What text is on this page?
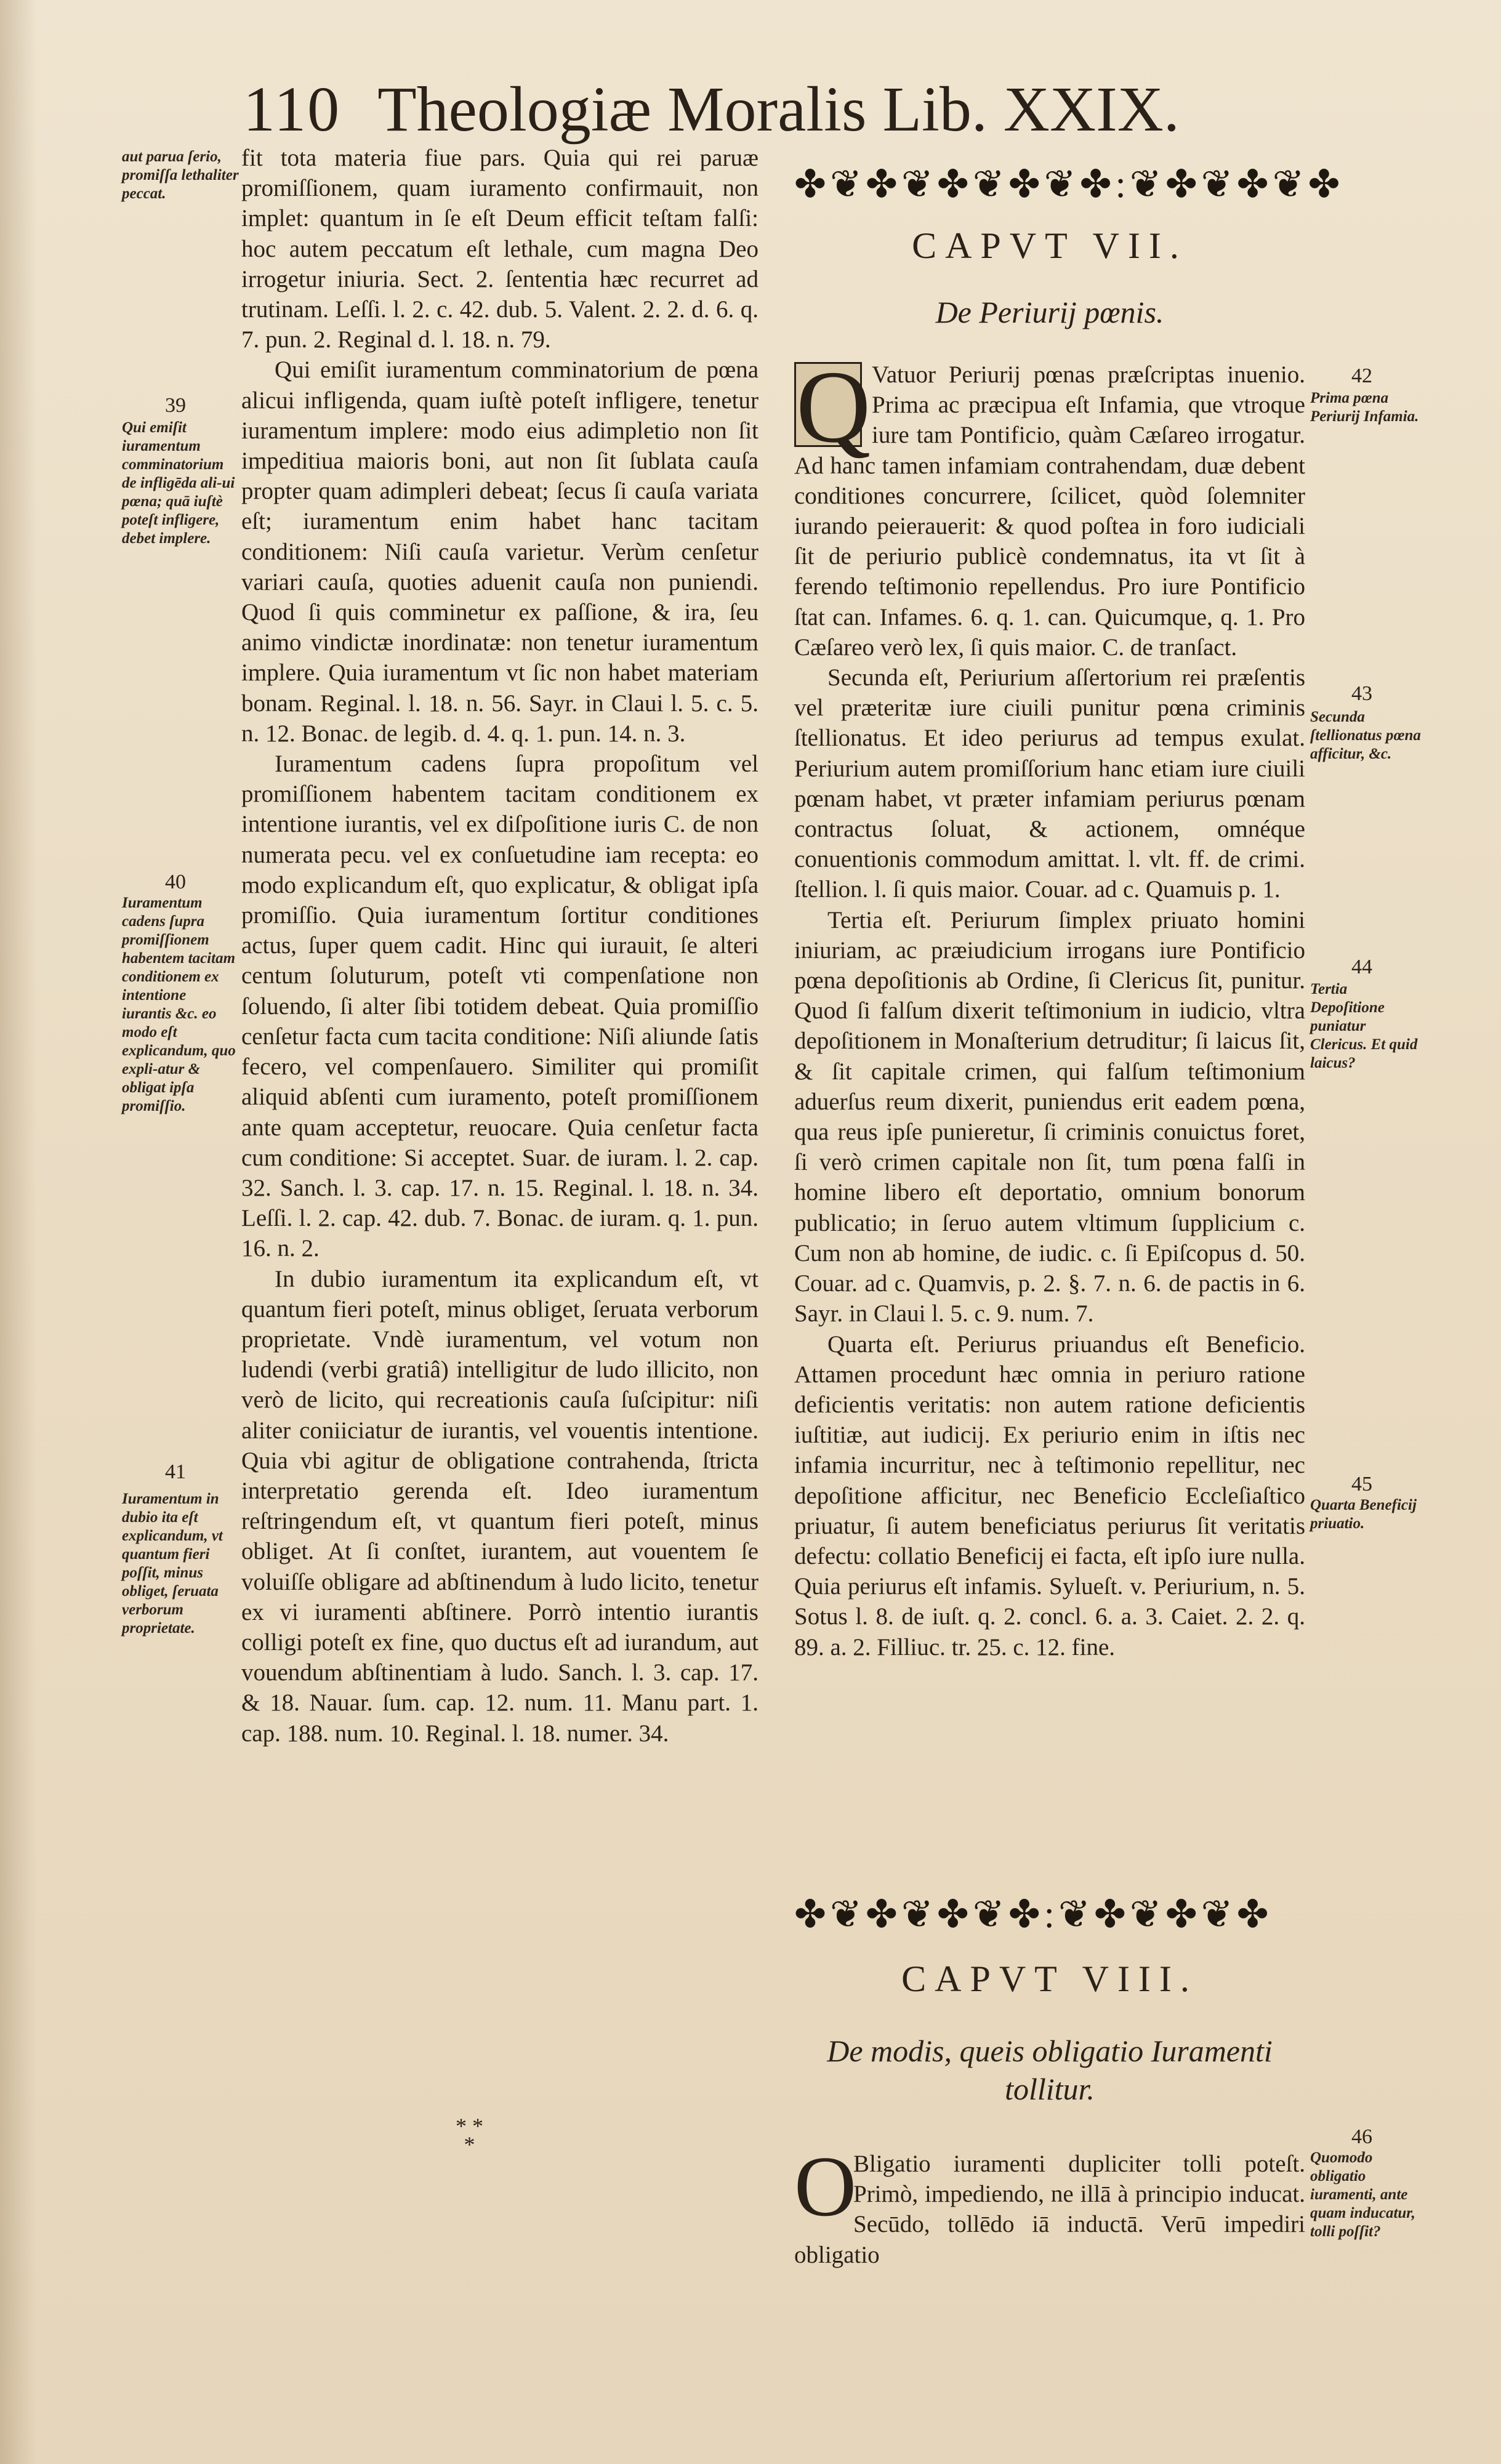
110 Theologiæ Moralis Lib. XXIX.

fit tota materia fiue pars. Quia qui rei paruæ promiſſionem, quam iuramento confirmauit, non implet: quantum in ſe eſt Deum efficit teſtam falſi: hoc autem peccatum eſt lethale, cum magna Deo irrogetur iniuria. Sect. 2. ſententia hæc recurret ad trutinam. Leſſi. l. 2. c. 42. dub. 5. Valent. 2. 2. d. 6. q. 7. pun. 2. Reginal d. l. 18. n. 79.

Qui emiſit iuramentum comminatorium de pœna alicui infligenda, quam iuſtè poteſt infligere, tenetur iuramentum implere: modo eius adimpletio non ſit impeditiua maioris boni, aut non ſit ſublata cauſa propter quam adimpleri debeat; ſecus ſi cauſa variata eſt; iuramentum enim habet hanc tacitam conditionem: Niſi cauſa varietur. Verùm cenſetur variari cauſa, quoties aduenit cauſa non puniendi. Quod ſi quis comminetur ex paſſione, & ira, ſeu animo vindictæ inordinatæ: non tenetur iuramentum implere. Quia iuramentum vt ſic non habet materiam bonam. Reginal. l. 18. n. 56. Sayr. in Claui l. 5. c. 5. n. 12. Bonac. de legib. d. 4. q. 1. pun. 14. n. 3.

Iuramentum cadens ſupra propoſitum vel promiſſionem habentem tacitam conditionem ex intentione iurantis, vel ex diſpoſitione iuris C. de non numerata pecu. vel ex conſuetudine iam recepta: eo modo explicandum eſt, quo explicatur, & obligat ipſa promiſſio. Quia iuramentum ſortitur conditiones actus, ſuper quem cadit. Hinc qui iurauit, ſe alteri centum ſoluturum, poteſt vti compenſatione non ſoluendo, ſi alter ſibi totidem debeat. Quia promiſſio cenſetur facta cum tacita conditione: Niſi aliunde ſatis fecero, vel compenſauero. Similiter qui promiſit aliquid abſenti cum iuramento, poteſt promiſſionem ante quam acceptetur, reuocare. Quia cenſetur facta cum conditione: Si acceptet. Suar. de iuram. l. 2. cap. 32. Sanch. l. 3. cap. 17. n. 15. Reginal. l. 18. n. 34. Leſſi. l. 2. cap. 42. dub. 7. Bonac. de iuram. q. 1. pun. 16. n. 2.

In dubio iuramentum ita explicandum eſt, vt quantum fieri poteſt, minus obliget, ſeruata verborum proprietate. Vndè iuramentum, vel votum non ludendi (verbi gratiâ) intelligitur de ludo illicito, non verò de licito, qui recreationis cauſa ſuſcipitur: niſi aliter coniiciatur de iurantis, vel vouentis intentione. Quia vbi agitur de obligatione contrahenda, ſtricta interpretatio gerenda eſt. Ideo iuramentum reſtringendum eſt, vt quantum fieri poteſt, minus obliget. At ſi conſtet, iurantem, aut vouentem ſe voluiſſe obligare ad abſtinendum à ludo licito, tenetur ex vi iuramenti abſtinere. Porrò intentio iurantis colligi poteſt ex fine, quo ductus eſt ad iurandum, aut vouendum abſtinentiam à ludo. Sanch. l. 3. cap. 17. & 18. Nauar. ſum. cap. 12. num. 11. Manu part. 1. cap. 188. num. 10. Reginal. l. 18. numer. 34.

* *
*
aut parua ſerio, promiſſa lethaliter peccat.
39
Qui emiſit iuramentum comminatorium de infligēda ali-ui pœna; quā iuſtè poteſt infligere, debet implere.
40
Iuramentum cadens ſupra promiſſionem habentem tacitam conditionem ex intentione iurantis &c. eo modo eſt explicandum, quo expli-atur & obligat ipſa promiſſio.
41
Iuramentum in dubio ita eſt explicandum, vt quantum fieri poſſit, minus obliget, ſeruata verborum proprietate.
✤❦✤❦✤❦✤❦✤:❦✤❦✤❦✤
CAPVT VII.
De Periurij pœnis.

Q Vatuor Periurij pœnas præſcriptas inuenio. Prima ac præcipua eſt Infamia, que vtroque iure tam Pontificio, quàm Cæſareo irrogatur. Ad hanc tamen infamiam contrahendam, duæ debent conditiones concurrere, ſcilicet, quòd ſolemniter iurando peierauerit: & quod poſtea in foro iudiciali ſit de periurio publicè condemnatus, ita vt ſit à ferendo teſtimonio repellendus. Pro iure Pontificio ſtat can. Infames. 6. q. 1. can. Quicumque, q. 1. Pro Cæſareo verò lex, ſi quis maior. C. de tranſact.

Secunda eſt, Periurium aſſertorium rei præſentis vel præteritæ iure ciuili punitur pœna criminis ſtellionatus. Et ideo periurus ad tempus exulat. Periurium autem promiſſorium hanc etiam iure ciuili pœnam habet, vt præter infamiam periurus pœnam contractus ſoluat, & actionem, omnéque conuentionis commodum amittat. l. vlt. ff. de crimi. ſtellion. l. ſi quis maior. Couar. ad c. Quamuis p. 1.

Tertia eſt. Periurum ſimplex priuato homini iniuriam, ac præiudicium irrogans iure Pontificio pœna depoſitionis ab Ordine, ſi Clericus ſit, punitur. Quod ſi falſum dixerit teſtimonium in iudicio, vltra depoſitionem in Monaſterium detruditur; ſi laicus ſit, & ſit capitale crimen, qui falſum teſtimonium aduerſus reum dixerit, puniendus erit eadem pœna, qua reus ipſe punieretur, ſi criminis conuictus foret, ſi verò crimen capitale non ſit, tum pœna falſi in homine libero eſt deportatio, omnium bonorum publicatio; in ſeruo autem vltimum ſupplicium c. Cum non ab homine, de iudic. c. ſi Epiſcopus d. 50. Couar. ad c. Quamvis, p. 2. §. 7. n. 6. de pactis in 6. Sayr. in Claui l. 5. c. 9. num. 7.

Quarta eſt. Periurus priuandus eſt Beneficio. Attamen procedunt hæc omnia in periuro ratione deficientis veritatis: non autem ratione deficientis iuſtitiæ, aut iudicij. Ex periurio enim in iſtis nec infamia incurritur, nec à teſtimonio repellitur, nec depoſitione afficitur, nec Beneficio Eccleſiaſtico priuatur, ſi autem beneficiatus periurus ſit veritatis defectu: collatio Beneficij ei facta, eſt ipſo iure nulla. Quia periurus eſt infamis. Sylueſt. v. Periurium, n. 5. Sotus l. 8. de iuſt. q. 2. concl. 6. a. 3. Caiet. 2. 2. q. 89. a. 2. Filliuc. tr. 25. c. 12. fine.

42
Prima pœna Periurij Infamia.
43
Secunda ſtellionatus pœna afficitur, &c.
44
Tertia Depoſitione puniatur Clericus. Et quid laicus?
45
Quarta Beneficij priuatio.
✤❦✤❦✤❦✤:❦✤❦✤❦✤
CAPVT VIII.
De modis, queis obligatio Iuramenti tollitur.

O
Bligatio iuramenti dupliciter tolli poteſt. Primò, impediendo, ne illā à principio inducat. Secūdo, tollēdo iā inductā. Verū impediri obligatio

46
Quomodo obligatio iuramenti, ante quam inducatur, tolli poſſit?
